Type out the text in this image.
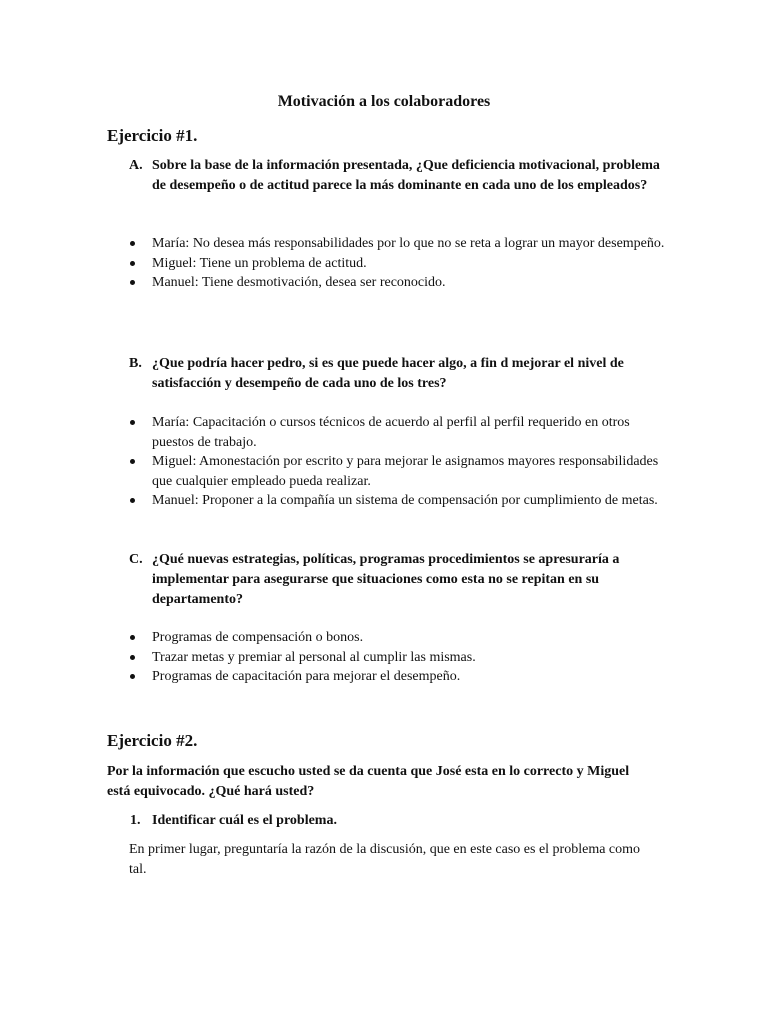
Motivación a los colaboradores
Ejercicio #1.
A. Sobre la base de la información presentada, ¿Que deficiencia motivacional, problema de desempeño o de actitud parece la más dominante en cada uno de los empleados?
María: No desea más responsabilidades por lo que no se reta a lograr un mayor desempeño.
Miguel: Tiene un problema de actitud.
Manuel: Tiene desmotivación, desea ser reconocido.
B. ¿Que podría hacer pedro, si es que puede hacer algo, a fin d mejorar el nivel de satisfacción y desempeño de cada uno de los tres?
María: Capacitación o cursos técnicos de acuerdo al perfil al perfil requerido en otros puestos de trabajo.
Miguel: Amonestación por escrito y para mejorar le asignamos mayores responsabilidades que cualquier empleado pueda realizar.
Manuel: Proponer a la compañía un sistema de compensación por cumplimiento de metas.
C. ¿Qué nuevas estrategias, políticas, programas procedimientos se apresuraría a implementar para asegurarse que situaciones como esta no se repitan en su departamento?
Programas de compensación o bonos.
Trazar metas y premiar al personal al cumplir las mismas.
Programas de capacitación para mejorar el desempeño.
Ejercicio #2.
Por la información que escucho usted se da cuenta que José esta en lo correcto y Miguel está equivocado. ¿Qué hará usted?
1. Identificar cuál es el problema.
En primer lugar, preguntaría la razón de la discusión, que en este caso es el problema como tal.
